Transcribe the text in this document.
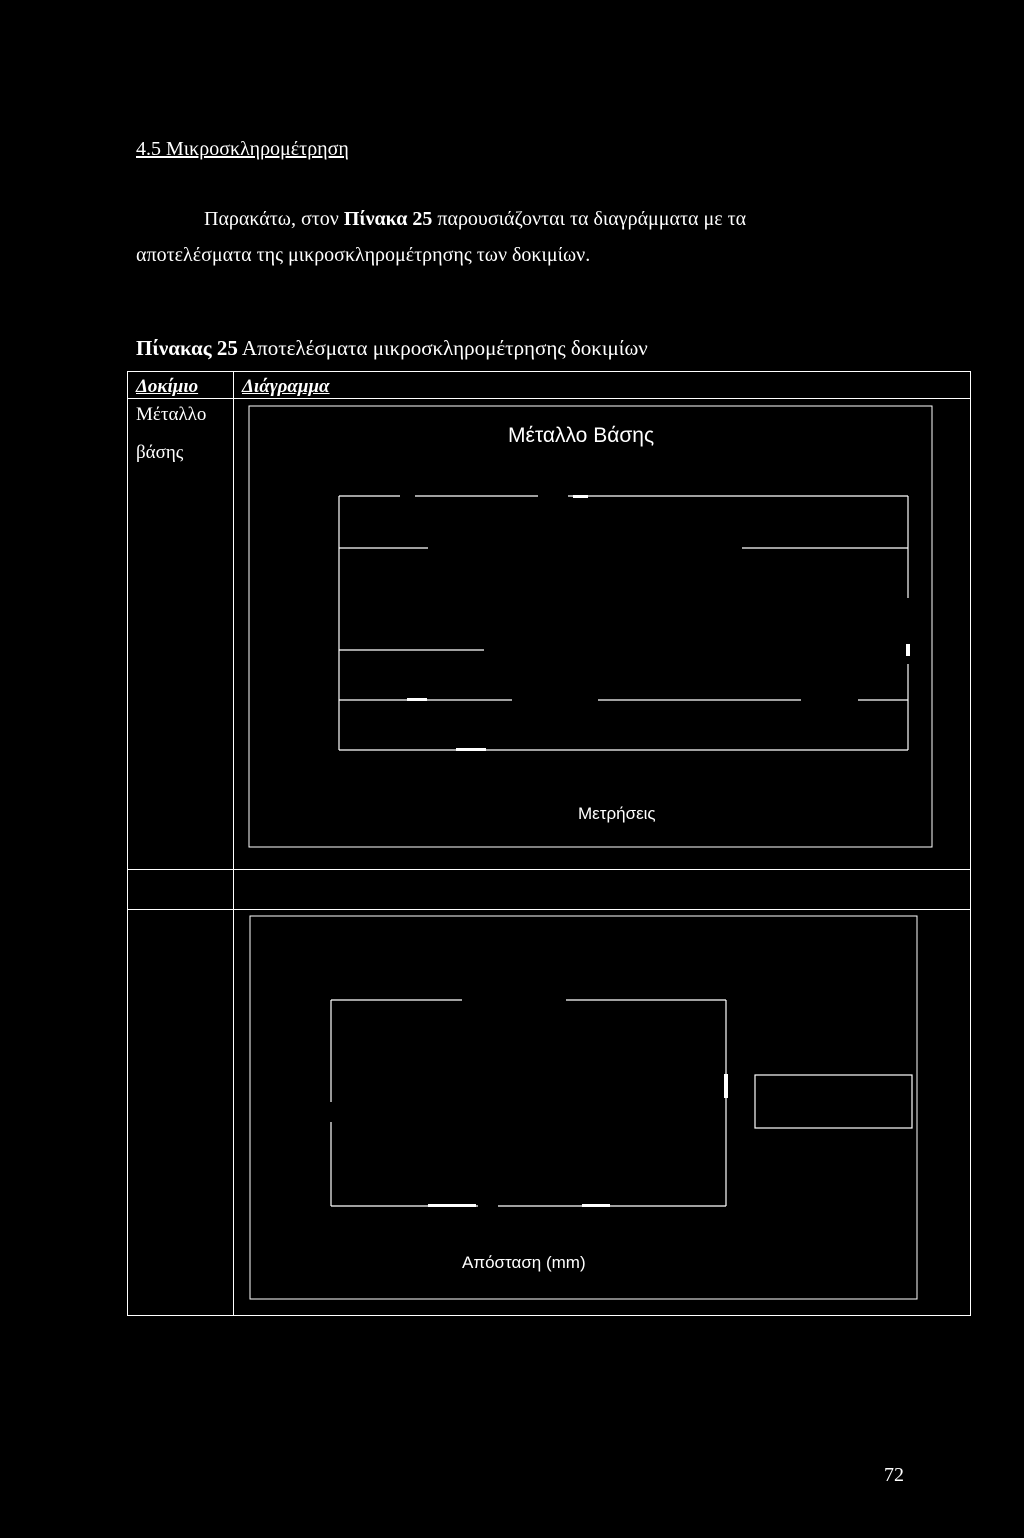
4.5 Μικροσκληρομέτρηση
Παρακάτω, στον Πίνακα 25 παρουσιάζονται τα διαγράμματα με τα
αποτελέσματα της μικροσκληρομέτρησης των δοκιμίων.
Πίνακας 25 Αποτελέσματα μικροσκληρομέτρησης δοκιμίων
Δοκίμιο Διάγραμμα
Μέταλλο
βάσης
Μέταλλο Βάσης
Μετρήσεις
Απόσταση (mm)
72
